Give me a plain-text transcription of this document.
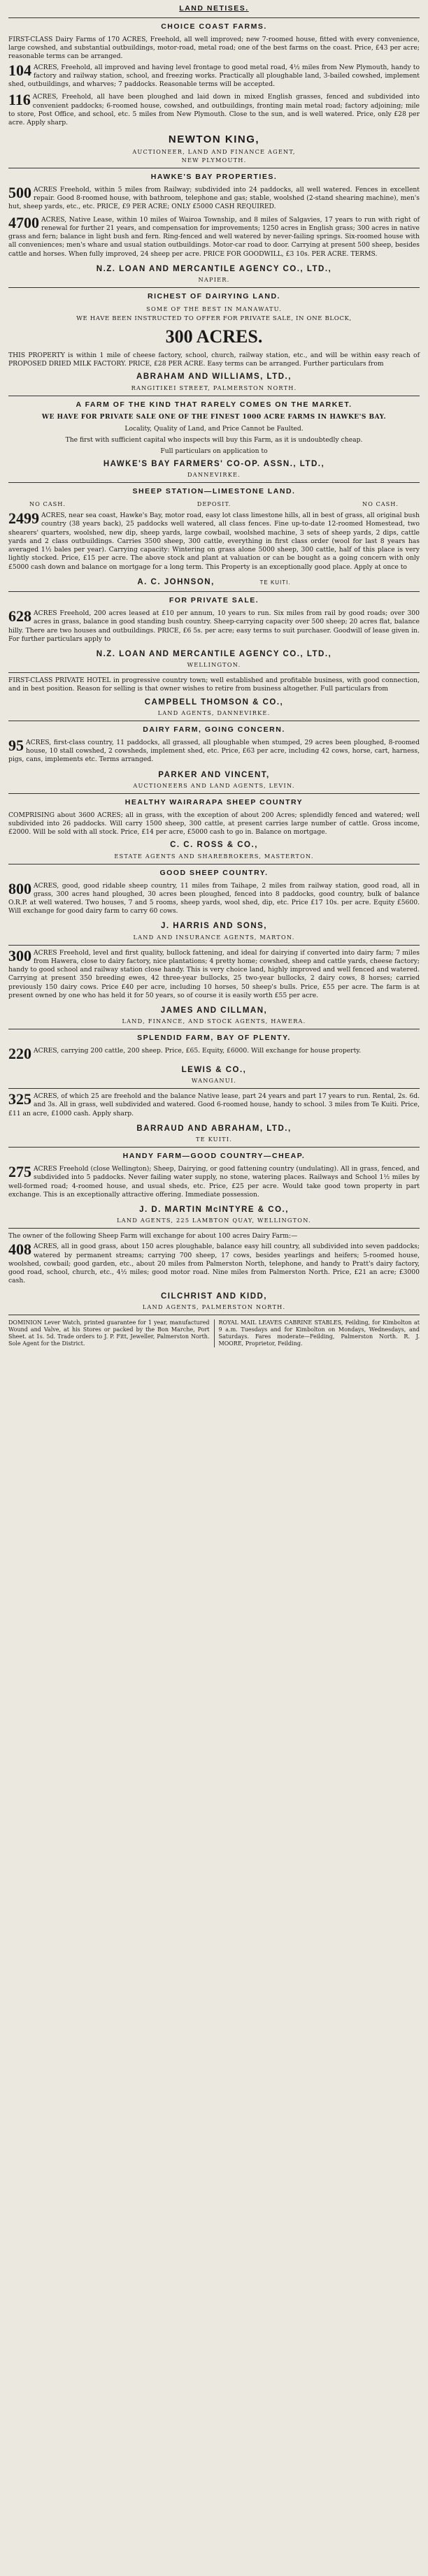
LAND NETISES.
CHOICE COAST FARMS.
FIRST-CLASS Dairy Farms of 170 ACRES, Freehold, all well improved; new 7-roomed house, fitted with every convenience, large cowshed, and substantial outbuildings, motor-road, metal road; one of the best farms on the coast. Price, £43 per acre; reasonable terms can be arranged.
104 ACRES, Freehold, all improved and having level frontage to good metal road, 4½ miles from New Plymouth, handy to factory and railway station, school, and freezing works. Practically all ploughable land, 3-bailed cowshed, implement shed, outbuildings, and wharves; 7 paddocks. Reasonable terms will be accepted.
116 ACRES, Freehold, all have been ploughed and laid down in mixed English grasses, fenced and subdivided into convenient paddocks; 6-roomed house, cowshed, and outbuildings, fronting main metal road; factory adjoining; mile to store, Post Office, and school, etc. 5 miles from New Plymouth. Close to the sun, and is well watered. Price, only £28 per acre. Apply sharp.
NEWTON KING,
AUCTIONEER, LAND AND FINANCE AGENT,
NEW PLYMOUTH.
HAWKE'S BAY PROPERTIES.
500 ACRES Freehold, within 5 miles from Railway; subdivided into 24 paddocks, all well watered. Fences in excellent repair. Good 8-roomed house, with bathroom, telephone and gas; stable, woolshed (2-stand shearing machine), men's hut, sheep yards, etc., etc. PRICE, £9 PER ACRE; ONLY £5000 CASH REQUIRED.
4700 ACRES, Native Lease, within 10 miles of Wairoa Township, and 8 miles of Salgavies, 17 years to run with right of renewal for further 21 years, and compensation for improvements; 1250 acres in English grass; 300 acres in native grass and fern; balance in light bush and fern. Ring-fenced and well watered by never-failing springs. Six-roomed house with all conveniences; men's whare and usual station outbuildings. Motor-car road to door. Carrying at present 500 sheep, besides cattle and horses. When fully improved, 24 sheep per acre. PRICE FOR GOODWILL, £3 10s. PER ACRE. TERMS.
N.Z. LOAN AND MERCANTILE AGENCY CO., LTD.,
NAPIER.
RICHEST OF DAIRYING LAND.
SOME OF THE BEST IN MANAWATU.
WE HAVE BEEN INSTRUCTED TO OFFER FOR PRIVATE SALE, IN ONE BLOCK,
300 ACRES.
THIS PROPERTY is within 1 mile of cheese factory, school, church, railway station, etc., and will be within easy reach of PROPOSED DRIED MILK FACTORY. PRICE, £28 PER ACRE. Easy terms can be arranged. Further particulars from
ABRAHAM AND WILLIAMS, LTD.,
RANGITIKEI STREET, PALMERSTON NORTH.
A FARM OF THE KIND THAT RARELY COMES ON THE MARKET.
WE HAVE FOR PRIVATE SALE ONE OF THE FINEST 1000 ACRE FARMS IN HAWKE'S BAY.
Locality, Quality of Land, and Price Cannot be Faulted.
The first with sufficient capital who inspects will buy this Farm, as it is undoubtedly cheap.
Full particulars on application to
HAWKE'S BAY FARMERS' CO-OP. ASSN., LTD.,
DANNEVIRKE.
SHEEP STATION—LIMESTONE LAND.
NO CASH.	DEPOSIT.	NO CASH.
2499 ACRES, near sea coast, Hawke's Bay, motor road, easy lot class limestone hills, all in best of grass, all original bush country (38 years back), 25 paddocks well watered, all class fences. Fine up-to-date 12-roomed Homestead, two shearers' quarters, woolshed, new dip, sheep yards, large cowbail, woolshed machine, 3 sets of sheep yards, 2 dips, cattle yards and 2 class outbuildings. Carries 3500 sheep, 300 cattle, everything in first class order (wool for last 8 years has averaged 1½ bales per year). Carrying capacity: Wintering on grass alone 5000 sheep, 300 cattle, half of this place is very lightly stocked. Price, £15 per acre. The above stock and plant at valuation or can be bought as a going concern with only £5000 cash down and balance on mortgage for a long term. This Property is an exceptionally good place. Apply at once to
A. C. JOHNSON,	TE KUITI.
FOR PRIVATE SALE.
628 ACRES Freehold, 200 acres leased at £10 per annum, 10 years to run. Six miles from rail by good roads; over 300 acres in grass, balance in good standing bush country. Sheep-carrying capacity over 500 sheep; 20 acres flat, balance hilly. There are two houses and outbuildings. PRICE, £6 5s. per acre; easy terms to suit purchaser. Goodwill of lease given in. For further particulars apply to
N.Z. LOAN AND MERCANTILE AGENCY CO., LTD.,
WELLINGTON.
FIRST-CLASS PRIVATE HOTEL in progressive country town; well established and profitable business, with good connection, and in best position. Reason for selling is that owner wishes to retire from business altogether. Full particulars from
CAMPBELL THOMSON & CO.,
LAND AGENTS, DANNEVIRKE.
DAIRY FARM, GOING CONCERN.
95 ACRES, first-class country, 11 paddocks, all grassed, all ploughable when stumped, 29 acres been ploughed, 8-roomed house, 10 stall cowshed, 2 cowsheds, implement shed, etc. Price, £63 per acre, including 42 cows, horse, cart, harness, pigs, cans, implements etc. Terms arranged.
PARKER AND VINCENT,
AUCTIONEERS AND LAND AGENTS, LEVIN.
HEALTHY WAIRARAPA SHEEP COUNTRY
COMPRISING about 3600 ACRES; all in grass, with the exception of about 200 Acres; splendidly fenced and watered; well subdivided into 26 paddocks. Will carry 1500 sheep, 300 cattle, at present carries large number of cattle. Gross income, £2000. Will be sold with all stock. Price, £14 per acre, £5000 cash to go in. Balance on mortgage.
C. C. ROSS & CO.,
ESTATE AGENTS AND SHAREBROKERS, MASTERTON.
GOOD SHEEP COUNTRY.
800 ACRES, good, good ridable sheep country, 11 miles from Taihape, 2 miles from railway station, good road, all in grass, 300 acres hand ploughed, 30 acres been ploughed, fenced into 8 paddocks, good country, bulk of balance O.R.P. at well watered. Two houses, 7 and 5 rooms, sheep yards, wool shed, dip, etc. Price £17 10s. per acre. Equity £5600. Will exchange for good dairy farm to carry 60 cows.
J. HARRIS AND SONS,
LAND AND INSURANCE AGENTS, MARTON.
300 ACRES Freehold, level and first quality, bullock fattening, and ideal for dairying if converted into dairy farm; 7 miles from Hawera, close to dairy factory, nice plantations; 4 pretty home; cowshed, sheep and cattle yards, cheese factory; handy to good school and railway station close handy. This is very choice land, highly improved and well fenced and watered. Carrying at present 350 breeding ewes, 42 three-year bullocks, 25 two-year bullocks, 2 dairy cows, 8 horses; carried previously 150 dairy cows. Price £40 per acre, including 10 horses, 50 sheep's bulls. Price, £55 per acre. The farm is at present owned by one who has held it for 50 years, so of course it is easily worth £55 per acre.
JAMES AND CILLMAN,
LAND, FINANCE, AND STOCK AGENTS, HAWERA.
SPLENDID FARM, BAY OF PLENTY.
220 ACRES, carrying 200 cattle, 200 sheep. Price, £65. Equity, £6000. Will exchange for house property.
LEWIS & CO.,
WANGANUI.
325 ACRES, of which 25 are freehold and the balance Native lease, part 24 years and part 17 years to run. Rental, 2s. 6d. and 3s. All in grass, well subdivided and watered. Good 6-roomed house, handy to school. 3 miles from Te Kuiti. Price, £11 an acre, £1000 cash. Apply sharp.
BARRAUD AND ABRAHAM, LTD.,
TE KUITI.
HANDY FARM—GOOD COUNTRY—CHEAP.
275 ACRES Freehold (close Wellington); Sheep, Dairying, or good fattening country (undulating). All in grass, fenced, and subdivided into 5 paddocks. Never failing water supply, no stone, watering places. Railways and School 1½ miles by well-formed road; 4-roomed house, and usual sheds, etc. Price, £25 per acre. Would take good town property in part exchange. This is an exceptionally attractive offering. Immediate possession.
J. D. MARTIN McINTYRE & CO.,
LAND AGENTS, 225 LAMBTON QUAY, WELLINGTON.
The owner of the following Sheep Farm will exchange for about 100 acres Dairy Farm:—
408 ACRES, all in good grass, about 150 acres ploughable, balance easy hill country, all subdivided into seven paddocks; watered by permanent streams; carrying 700 sheep, 17 cows, besides yearlings and heifers; 5-roomed house, woolshed, cowbail; good garden, etc., about 20 miles from Palmerston North, telephone, and handy to Pratt's dairy factory, good road, school, church, etc., 4½ miles; good motor road. Nine miles from Palmerston North. Price, £21 an acre; £3000 cash.
CILCHRIST AND KIDD,
LAND AGENTS, PALMERSTON NORTH.
DOMINION Lever Watch, printed guarantee for 1 year, manufactured Wound and Valve, at his Stores or packed by the Bon Marche, Port Sheet. at 1s. 5d. Trade orders to J. P. Fitt, Jeweller, Palmerston North. Sole Agent for the District.
ROYAL MAIL LEAVES CABRINE STABLES, Feilding, for Kimbolton at 9 a.m. Tuesdays and for Kimbolton on Mondays, Wednesdays, and Saturdays. Fares moderate—Feilding, Palmerston North. R. J. MOORE, Proprietor, Feilding.
